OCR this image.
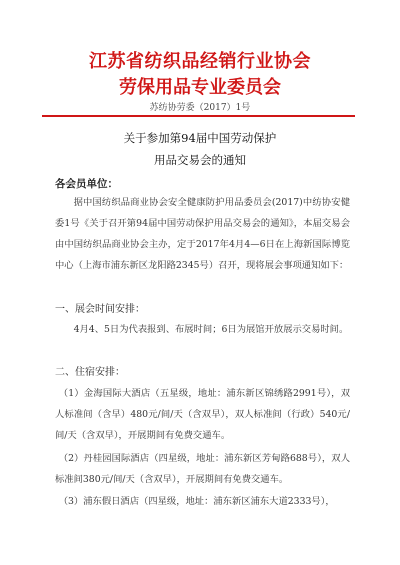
江苏省纺织品经销行业协会
劳保用品专业委员会
苏纺协劳委（2017）1号
关于参加第94届中国劳动保护
用品交易会的通知
各会员单位：
据中国纺织品商业协会安全健康防护用品委员会(2017)中纺协安健委1号《关于召开第94届中国劳动保护用品交易会的通知》，本届交易会由中国纺织品商业协会主办，定于2017年4月4—6日在上海新国际博览中心（上海市浦东新区龙阳路2345号）召开，现将展会事项通知如下：
一、展会时间安排：
4月4、5日为代表报到、布展时间；6日为展馆开放展示交易时间。
二、住宿安排：
（1）金海国际大酒店（五星级，地址：浦东新区锦绣路2991号），双人标准间（含早）480元/间/天（含双早），双人标准间（行政）540元/间/天（含双早），开展期间有免费交通车。
（2）丹桂园国际酒店（四星级，地址：浦东新区芳甸路688号），双人标准间380元/间/天（含双早），开展期间有免费交通车。
（3）浦东假日酒店（四星级，地址：浦东新区浦东大道2333号），
